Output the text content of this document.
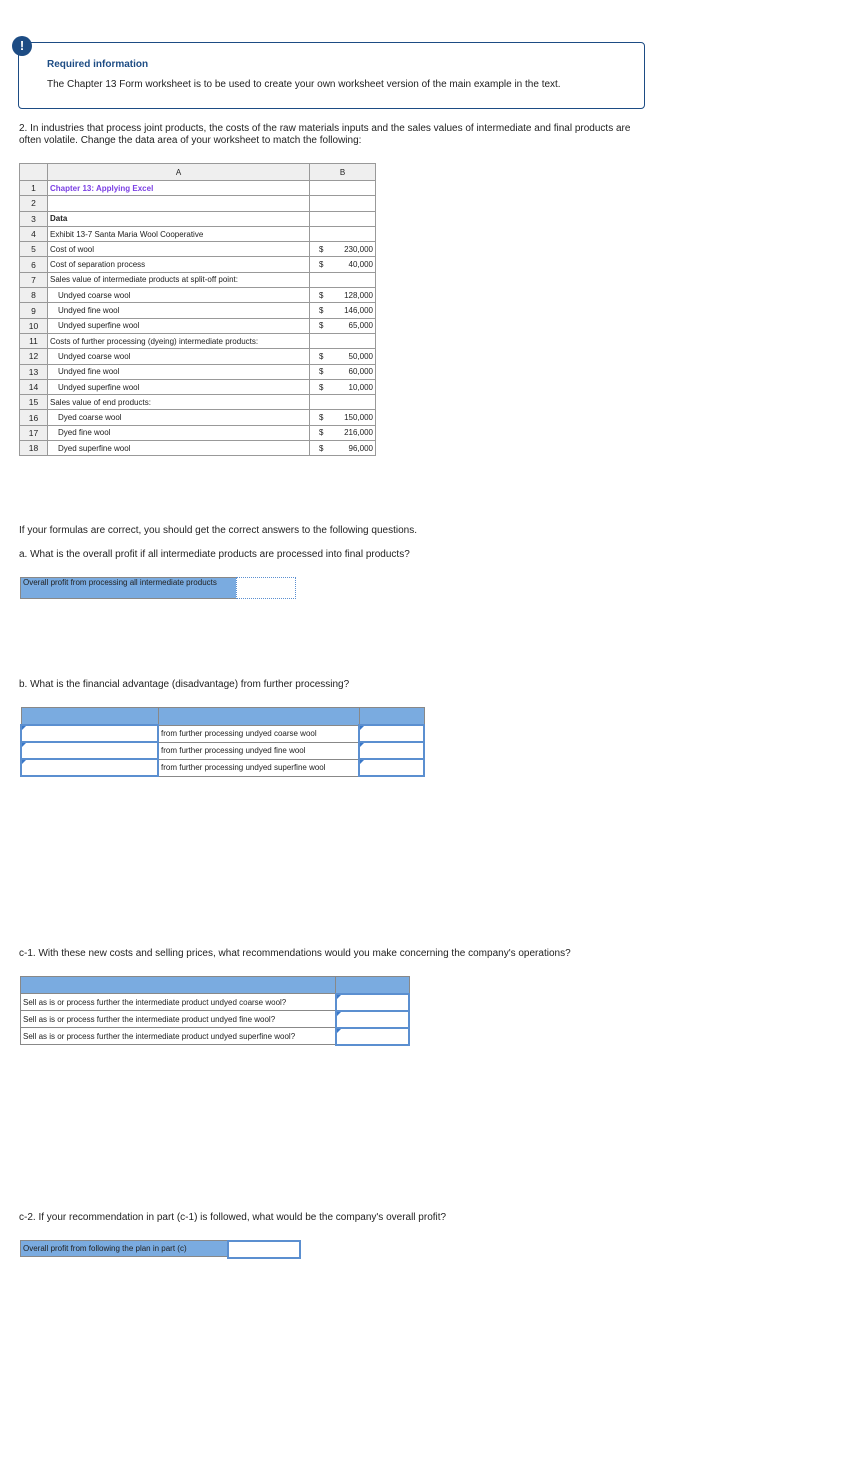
Required information
The Chapter 13 Form worksheet is to be used to create your own worksheet version of the main example in the text.
!
2. In industries that process joint products, the costs of the raw materials inputs and the sales values of intermediate and final products are often volatile. Change the data area of your worksheet to match the following:
	A	B
1	Chapter 13: Applying Excel	
2		
3	Data	
4	Exhibit 13-7 Santa Maria Wool Cooperative	
5	Cost of wool	$ 230,000

6	Cost of separation process	$ 40,000

7	Sales value of intermediate products at split-off point:	
8	Undyed coarse wool	$ 128,000

9	Undyed fine wool	$ 146,000

10	Undyed superfine wool	$ 65,000

11	Costs of further processing (dyeing) intermediate products:	
12	Undyed coarse wool	$ 50,000

13	Undyed fine wool	$ 60,000

14	Undyed superfine wool	$ 10,000

15	Sales value of end products:	
16	Dyed coarse wool	$ 150,000

17	Dyed fine wool	$ 216,000

18	Dyed superfine wool	$ 96,000
If your formulas are correct, you should get the correct answers to the following questions.
a. What is the overall profit if all intermediate products are processed into final products?
Overall profit from processing all intermediate products
b. What is the financial advantage (disadvantage) from further processing?

	from further processing undyed coarse wool	
	from further processing undyed fine wool	
	from further processing undyed superfine wool	
c-1. With these new costs and selling prices, what recommendations would you make concerning the company's operations?

Sell as is or process further the intermediate product undyed coarse wool?	
Sell as is or process further the intermediate product undyed fine wool?	
Sell as is or process further the intermediate product undyed superfine wool?	
c-2. If your recommendation in part (c-1) is followed, what would be the company's overall profit?
Overall profit from following the plan in part (c)
